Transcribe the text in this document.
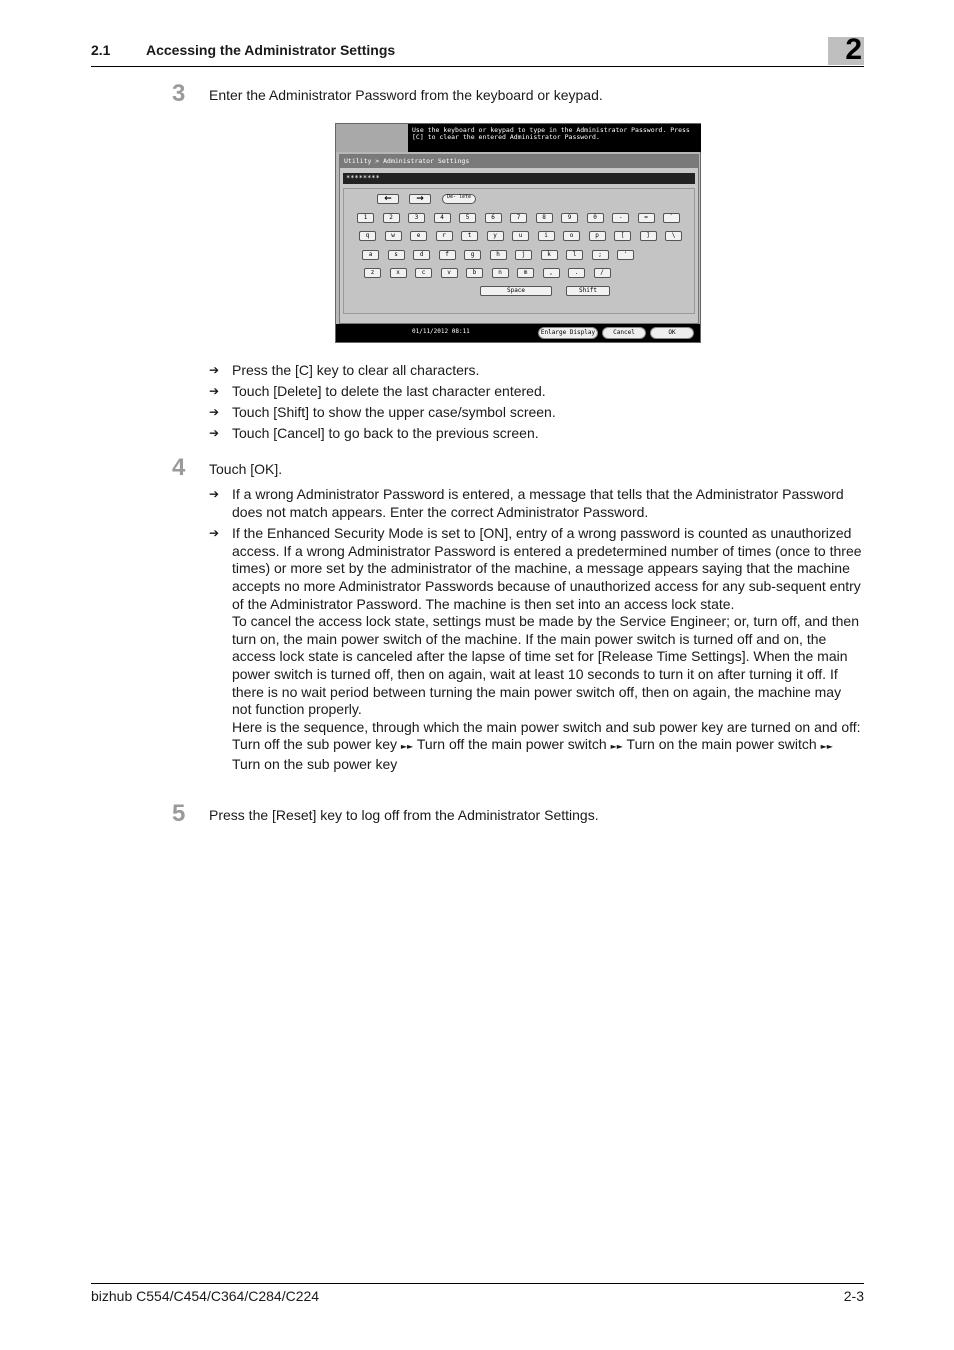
2.1	Accessing the Administrator Settings	2
3 Enter the Administrator Password from the keyboard or keypad.
Use the keyboard or keypad to type in the Administrator Password. Press [C] to clear the entered Administrator Password.
Utility > Administrator Settings
********
←	→	De- lete
1	2	3	4	5	6	7	8	9	0	-	=	`
q	w	e	r	t	y	u	i	o	p	[	]	\
a	s	d	f	g	h	j	k	l	;	'
z	x	c	v	b	n	m	,	.	/
Space	Shift
01/11/2012 08:11	Enlarge Display	Cancel	OK
➔ Press the [C] key to clear all characters.

➔ Touch [Delete] to delete the last character entered.

➔ Touch [Shift] to show the upper case/symbol screen.

➔ Touch [Cancel] to go back to the previous screen.

4 Touch [OK].
➔ If a wrong Administrator Password is entered, a message that tells that the Administrator Password does not match appears. Enter the correct Administrator Password.

➔ If the Enhanced Security Mode is set to [ON], entry of a wrong password is counted as unauthorized access. If a wrong Administrator Password is entered a predetermined number of times (once to three times) or more set by the administrator of the machine, a message appears saying that the machine accepts no more Administrator Passwords because of unauthorized access for any sub-sequent entry of the Administrator Password. The machine is then set into an access lock state.

To cancel the access lock state, settings must be made by the Service Engineer; or, turn off, and then turn on, the main power switch of the machine. If the main power switch is turned off and on, the access lock state is canceled after the lapse of time set for [Release Time Settings]. When the main power switch is turned off, then on again, wait at least 10 seconds to turn it on after turning it off. If there is no wait period between turning the main power switch off, then on again, the machine may not function properly.

Here is the sequence, through which the main power switch and sub power key are turned on and off:

Turn off the sub power key ►► Turn off the main power switch ►► Turn on the main power switch ►► Turn on the sub power key

5 Press the [Reset] key to log off from the Administrator Settings.
bizhub C554/C454/C364/C284/C224	2-3
